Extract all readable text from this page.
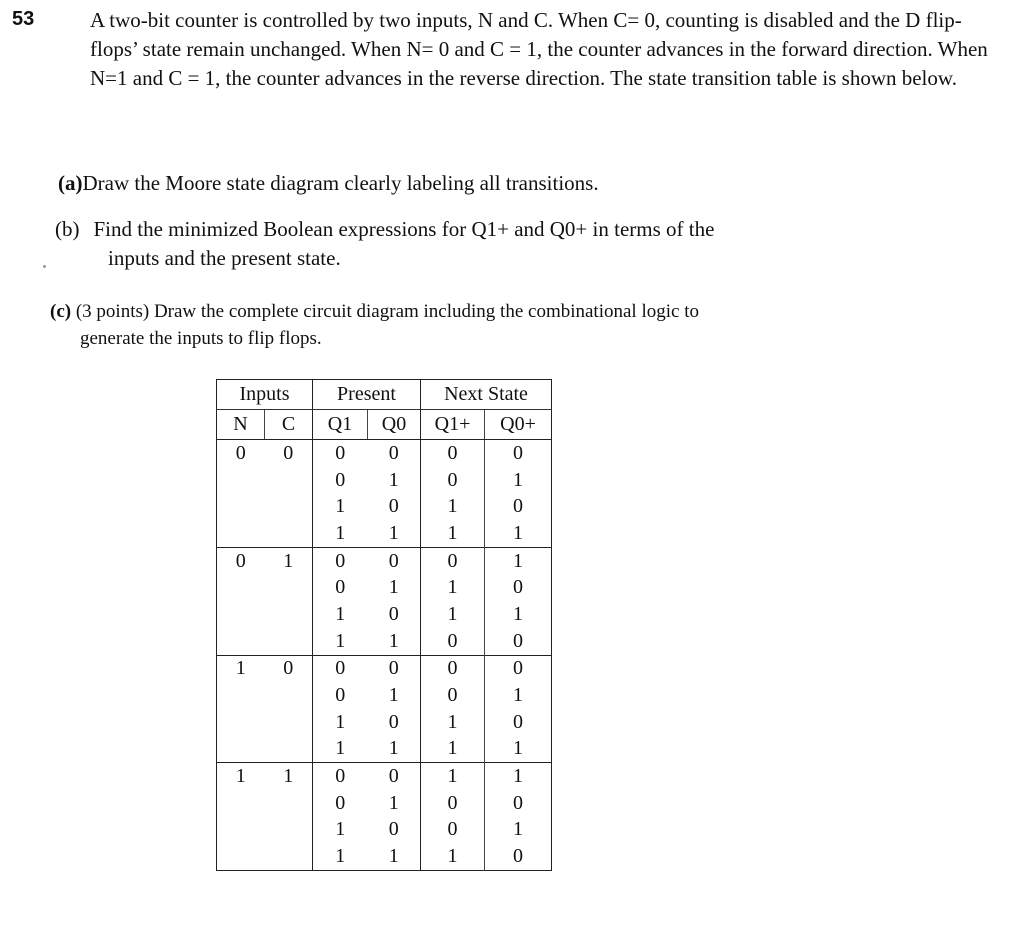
53	A two-bit counter is controlled by two inputs, N and C. When C= 0, counting is disabled and the D flip-flops’ state remain unchanged. When N= 0 and C = 1, the counter advances in the forward direction. When N=1 and C = 1, the counter advances in the reverse direction. The state transition table is shown below.
(a)Draw the Moore state diagram clearly labeling all transitions.
(b) Find the minimized Boolean expressions for Q1+ and Q0+ in terms of the
inputs and the present state.
(c) (3 points) Draw the complete circuit diagram including the combinational logic to
generate the inputs to flip flops.
Inputs		Present		Next State	
N	C	Q1	Q0	Q1+	Q0+
0	0	0	0	0	0
		0	1	0	1
		1	0	1	0
		1	1	1	1
0	1	0	0	0	1
		0	1	1	0
		1	0	1	1
		1	1	0	0
1	0	0	0	0	0
		0	1	0	1
		1	0	1	0
		1	1	1	1
1	1	0	0	1	1
		0	1	0	0
		1	0	0	1
		1	1	1	0
